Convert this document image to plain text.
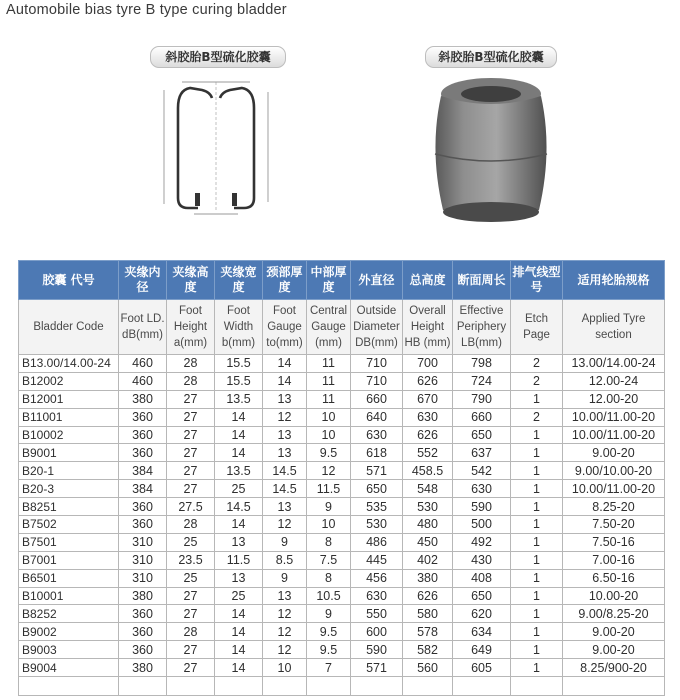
Automobile bias tyre B type curing bladder
斜胶胎B型硫化胶囊	斜胶胎B型硫化胶囊
胶囊 代号	夹缘内径	夹缘高度	夹缘宽度	颈部厚度	中部厚度	外直径	总高度	断面周长	排气线型号	适用轮胎规格
Bladder Code	Foot LD. dB(mm)	Foot Height a(mm)	Foot Width b(mm)	Foot Gauge to(mm)	Central Gauge (mm)	Outside Diameter DB(mm)	Overall Height HB (mm)	Effective Periphery LB(mm)	Etch Page	Applied Tyre section
B13.00/14.00-24	460	28	15.5	14	11	710	700	798	2	13.00/14.00-24
B12002	460	28	15.5	14	11	710	626	724	2	12.00-24
B12001	380	27	13.5	13	11	660	670	790	1	12.00-20
B11001	360	27	14	12	10	640	630	660	2	10.00/11.00-20
B10002	360	27	14	13	10	630	626	650	1	10.00/11.00-20
B9001	360	27	14	13	9.5	618	552	637	1	9.00-20
B20-1	384	27	13.5	14.5	12	571	458.5	542	1	9.00/10.00-20
B20-3	384	27	25	14.5	11.5	650	548	630	1	10.00/11.00-20
B8251	360	27.5	14.5	13	9	535	530	590	1	8.25-20
B7502	360	28	14	12	10	530	480	500	1	7.50-20
B7501	310	25	13	9	8	486	450	492	1	7.50-16
B7001	310	23.5	11.5	8.5	7.5	445	402	430	1	7.00-16
B6501	310	25	13	9	8	456	380	408	1	6.50-16
B10001	380	27	25	13	10.5	630	626	650	1	10.00-20
B8252	360	27	14	12	9	550	580	620	1	9.00/8.25-20
B9002	360	28	14	12	9.5	600	578	634	1	9.00-20
B9003	360	27	14	12	9.5	590	582	649	1	9.00-20
B9004	380	27	14	10	7	571	560	605	1	8.25/900-20
